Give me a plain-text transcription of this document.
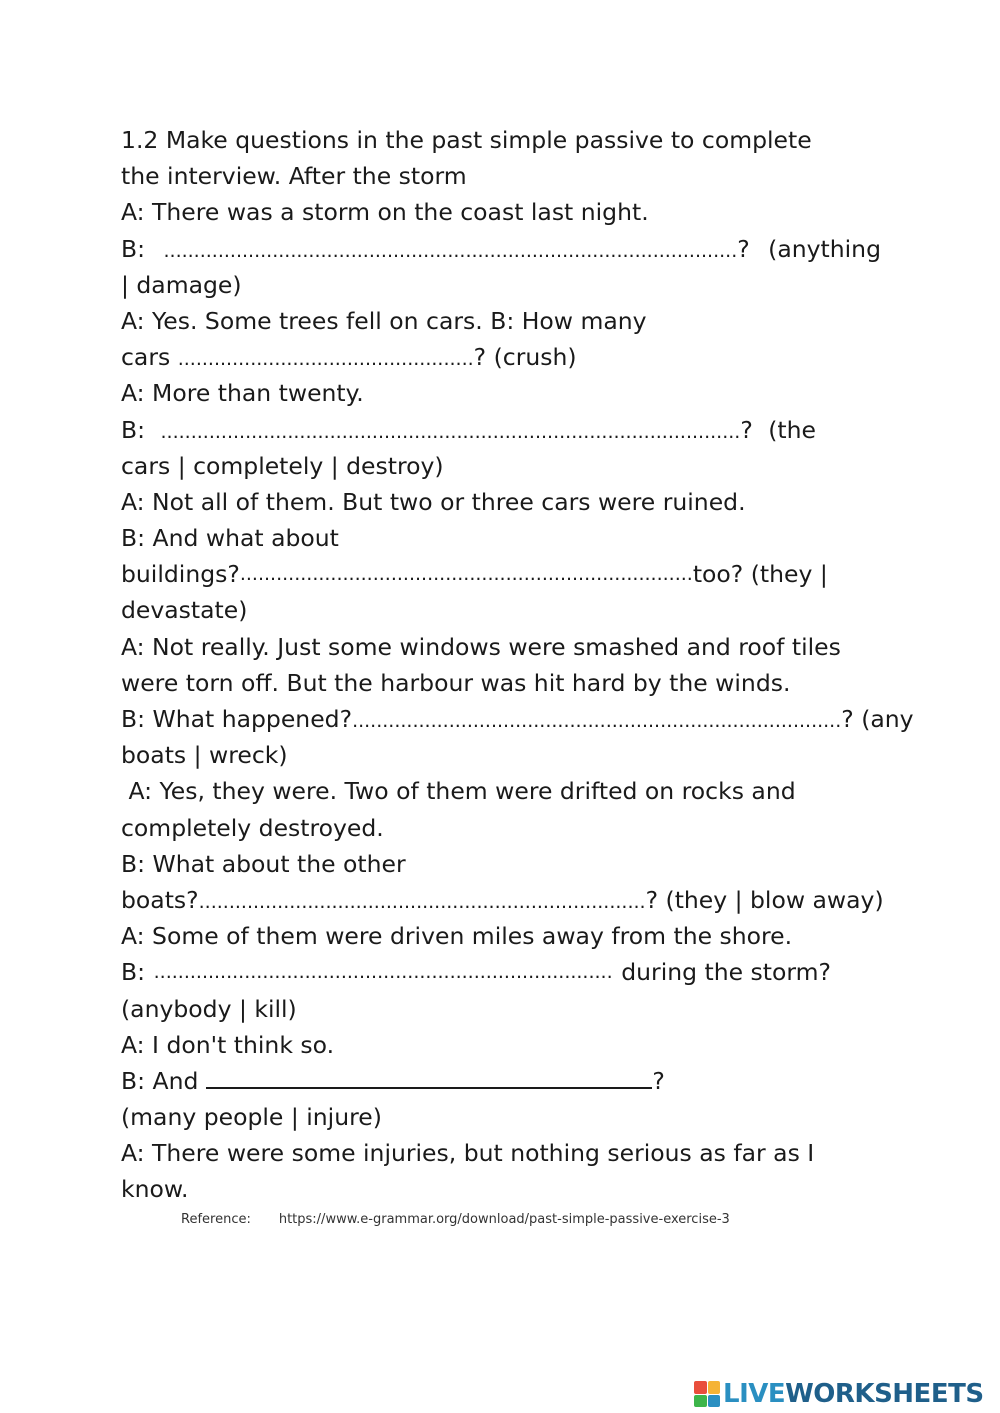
1.2 Make questions in the past simple passive to complete
the interview. After the storm
A: There was a storm on the coast last night.
B: ...............................................................................................? (anything
| damage)
A: Yes. Some trees fell on cars. B: How many
cars .................................................? (crush)
A: More than twenty.
B: ................................................................................................? (the
cars | completely | destroy)
A: Not all of them. But two or three cars were ruined.
B: And what about
buildings? ........................................................................... too? (they |
devastate)
A: Not really. Just some windows were smashed and roof tiles
were torn off. But the harbour was hit hard by the winds.
B: What happened? .................................................................................? (any
boats | wreck)
A: Yes, they were. Two of them were drifted on rocks and
completely destroyed.
B: What about the other
boats? ..........................................................................? (they | blow away)
A: Some of them were driven miles away from the shore.
B: ............................................................................ during the storm?
(anybody | kill)
A: I don't think so.
B: And	?
(many people | injure)
A: There were some injuries, but nothing serious as far as I
know.
Reference: https://www.e-grammar.org/download/past-simple-passive-exercise-3
LIVEWORKSHEETS
